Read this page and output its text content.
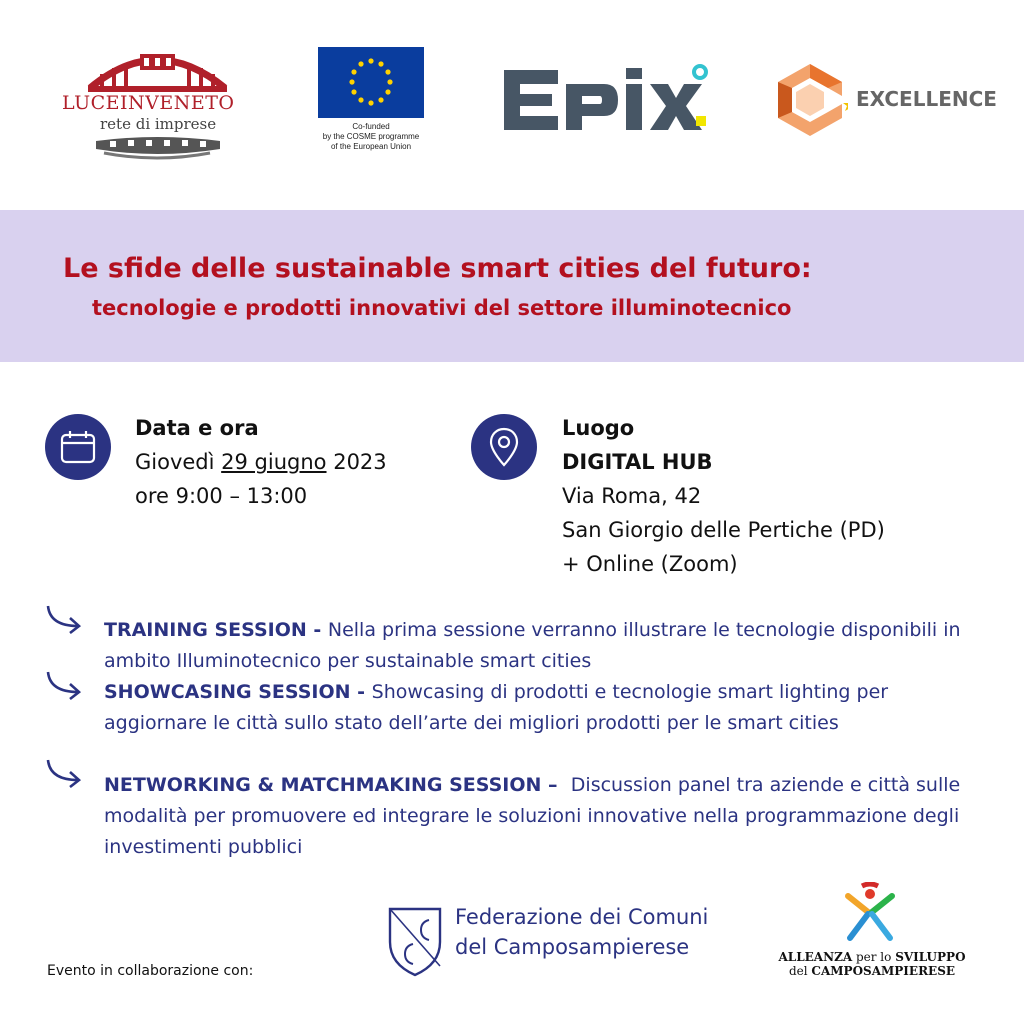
LUCEINVENETO
rete di imprese	Co-funded
by the COSME programme
of the European Union
EXCELLENCE
Le sfide delle sustainable smart cities del futuro:
tecnologie e prodotti innovativi del settore illuminotecnico
Data e ora
Giovedì 29 giugno 2023
ore 9:00 – 13:00
Luogo
DIGITAL HUB
Via Roma, 42
San Giorgio delle Pertiche (PD)
+ Online (Zoom)
TRAINING SESSION - Nella prima sessione verranno illustrare le tecnologie disponibili in ambito Illuminotecnico per sustainable smart cities
SHOWCASING SESSION - Showcasing di prodotti e tecnologie smart lighting per aggiornare le città sullo stato dell’arte dei migliori prodotti per le smart cities
NETWORKING & MATCHMAKING SESSION –  Discussion panel tra aziende e città sulle modalità per promuovere ed integrare le soluzioni innovative nella programmazione degli investimenti pubblici
Evento in collaborazione con:
Federazione dei Comuni
del Camposampierese	ALLEANZA per lo SVILUPPO
del CAMPOSAMPIERESE
